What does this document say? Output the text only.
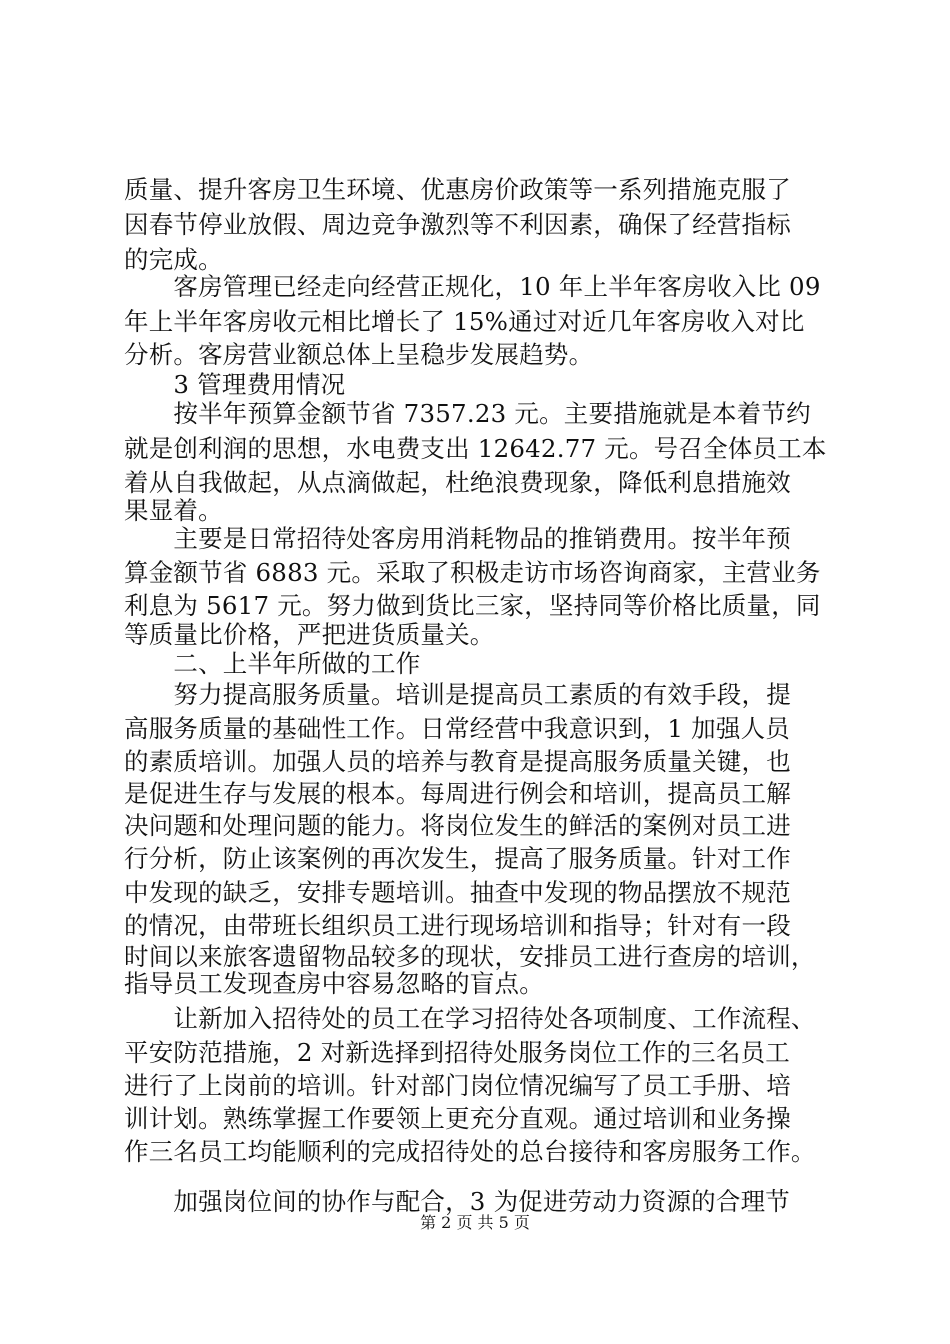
质量、提升客房卫生环境、优惠房价政策等一系列措施克服了
因春节停业放假、周边竞争激烈等不利因素，确保了经营指标
的完成。
　　客房管理已经走向经营正规化，10 年上半年客房收入比 09
年上半年客房收元相比增长了 15%通过对近几年客房收入对比
分析。客房营业额总体上呈稳步发展趋势。
　　3 管理费用情况
　　按半年预算金额节省 7357.23 元。主要措施就是本着节约
就是创利润的思想，水电费支出 12642.77 元。号召全体员工本
着从自我做起，从点滴做起，杜绝浪费现象，降低利息措施效
果显着。
　　主要是日常招待处客房用消耗物品的推销费用。按半年预
算金额节省 6883 元。采取了积极走访市场咨询商家，主营业务
利息为 5617 元。努力做到货比三家，坚持同等价格比质量，同
等质量比价格，严把进货质量关。
　　二、上半年所做的工作
　　努力提高服务质量。培训是提高员工素质的有效手段，提
高服务质量的基础性工作。日常经营中我意识到，1 加强人员
的素质培训。加强人员的培养与教育是提高服务质量关键，也
是促进生存与发展的根本。每周进行例会和培训，提高员工解
决问题和处理问题的能力。将岗位发生的鲜活的案例对员工进
行分析，防止该案例的再次发生，提高了服务质量。针对工作
中发现的缺乏，安排专题培训。抽查中发现的物品摆放不规范
的情况，由带班长组织员工进行现场培训和指导；针对有一段
时间以来旅客遗留物品较多的现状，安排员工进行查房的培训，
指导员工发现查房中容易忽略的盲点。
　　让新加入招待处的员工在学习招待处各项制度、工作流程、
平安防范措施，2 对新选择到招待处服务岗位工作的三名员工
进行了上岗前的培训。针对部门岗位情况编写了员工手册、培
训计划。熟练掌握工作要领上更充分直观。通过培训和业务操
作三名员工均能顺利的完成招待处的总台接待和客房服务工作。
　　加强岗位间的协作与配合，3 为促进劳动力资源的合理节
第 2 页 共 5 页
